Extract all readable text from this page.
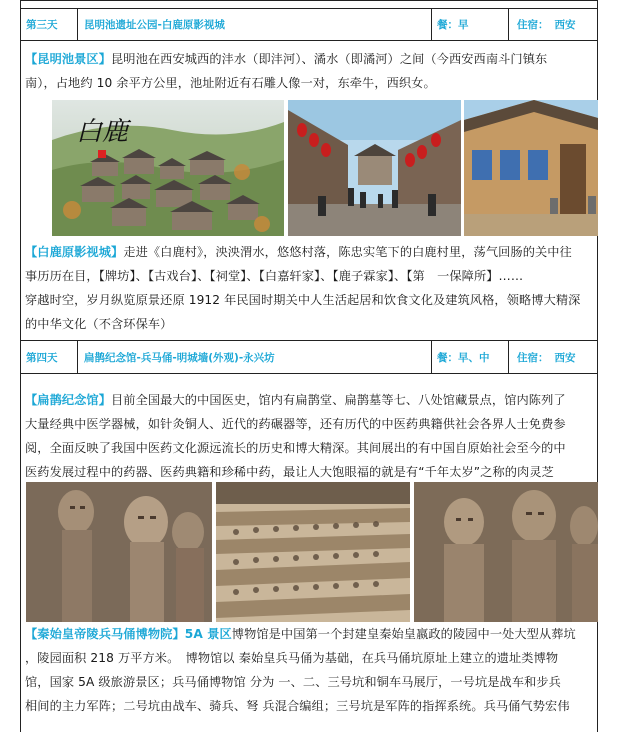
第三天	昆明池遗址公园-白鹿原影视城	餐： 早	住宿： 西安
【昆明池景区】昆明池在西安城西的沣水（即沣河）、潏水（即潏河）之间（今西安西南斗门镇东
南），占地约 10 余平方公里，池址附近有石雕人像一对，东牵牛，西织女。
白鹿
【白鹿原影视城】走进《白鹿村》，泱泱渭水，悠悠村落，陈忠实笔下的白鹿村里，荡气回肠的关中往
事历历在目，【牌坊】、【古戏台】、【祠堂】、【白嘉轩家】、【鹿子霖家】、【第　一保障所】……
穿越时空，岁月纵览原景还原 1912 年民国时期关中人生活起居和饮食文化及建筑风格，领略博大精深
的中华文化（不含环保车）
第四天	扁鹊纪念馆-兵马俑-明城墙(外观)-永兴坊	餐： 早、中	住宿： 西安
【扁鹊纪念馆】目前全国最大的中国医史，馆内有扁鹊堂、扁鹊墓等七、八处馆藏景点，馆内陈列了
大量经典中医学器械，如针灸铜人、近代的药碾器等，还有历代的中医药典籍供社会各界人士免费参
阅，全面反映了我国中医药文化源远流长的历史和博大精深。其间展出的有中国自原始社会至今的中
医药发展过程中的药器、医药典籍和珍稀中药，最让人大饱眼福的就是有“千年太岁”之称的肉灵芝
【秦始皇帝陵兵马俑博物院】5A 景区博物馆是中国第一个封建皇秦始皇嬴政的陵园中一处大型从葬坑
，陵园面积 218 万平方米。　博物馆以 秦始皇兵马俑为基础，在兵马俑坑原址上建立的遗址类博物
馆，国家 5A 级旅游景区；兵马俑博物馆 分为 一、二、三号坑和铜车马展厅，一号坑是战车和步兵
相间的主力军阵；二号坑由战车、骑兵、弩 兵混合编组；三号坑是军阵的指挥系统。兵马俑气势宏伟
